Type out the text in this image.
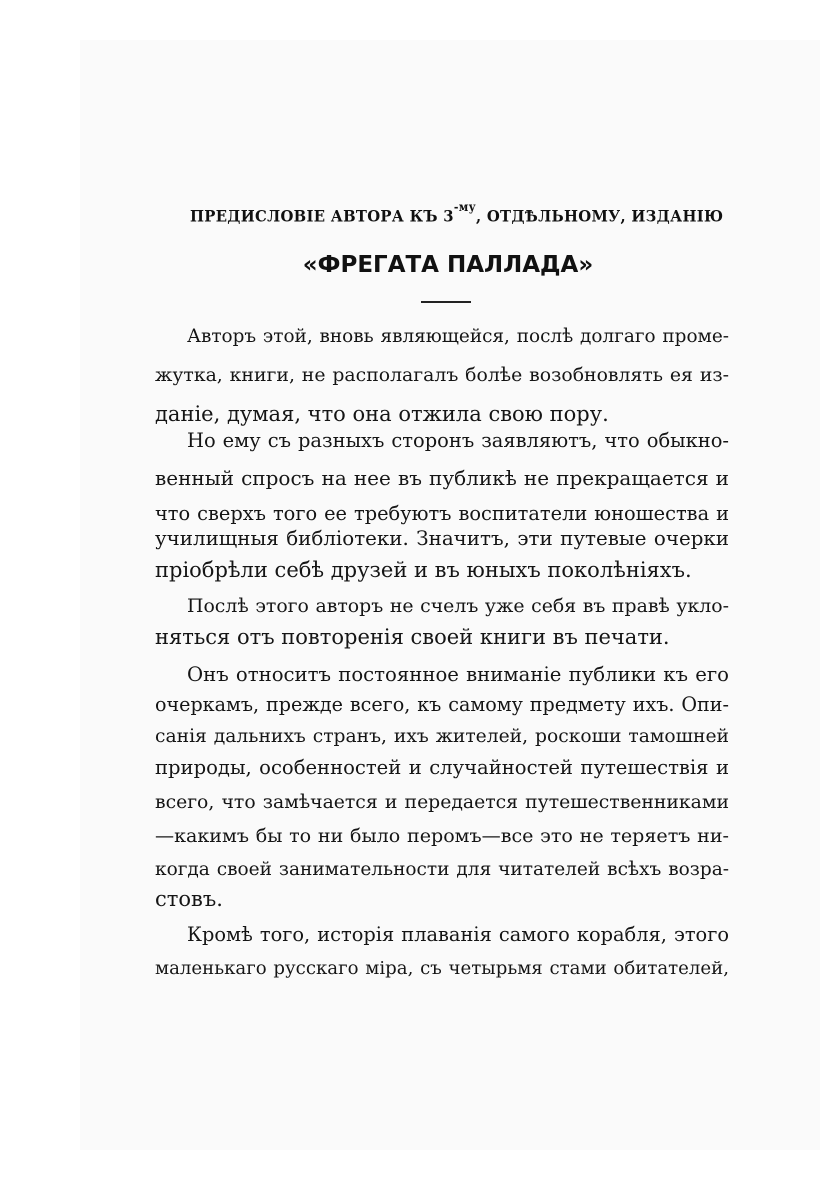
ПРЕДИСЛОВІЕ АВТОРА КЪ $3^{-му}$, ОТДѢЛЬНОМУ, ИЗДАНІЮ
«ФРЕГАТА ПАЛЛАДА»
Авторъ этой, вновь являющейся, послѣ долгаго проме-
жутка, книги, не располагалъ болѣе возобновлять ея из-
даніе, думая, что она отжила свою пору.
Но ему съ разныхъ сторонъ заявляютъ, что обыкно-
венный спросъ на нее въ публикѣ не прекращается и
что сверхъ того ее требуютъ воспитатели юношества и
училищныя библіотеки. Значитъ, эти путевые очерки
пріобрѣли себѣ друзей и въ юныхъ поколѣніяхъ.
Послѣ этого авторъ не счелъ уже себя въ правѣ укло-
няться отъ повторенія своей книги въ печати.
Онъ относитъ постоянное вниманіе публики къ его
очеркамъ, прежде всего, къ самому предмету ихъ. Опи-
санія дальнихъ странъ, ихъ жителей, роскоши тамошней
природы, особенностей и случайностей путешествія и
всего, что замѣчается и передается путешественниками
—какимъ бы то ни было перомъ—все это не теряетъ ни-
когда своей занимательности для читателей всѣхъ возра-
стовъ.
Кромѣ того, исторія плаванія самого корабля, этого
маленькаго русскаго міра, съ четырьмя стами обитателей,
